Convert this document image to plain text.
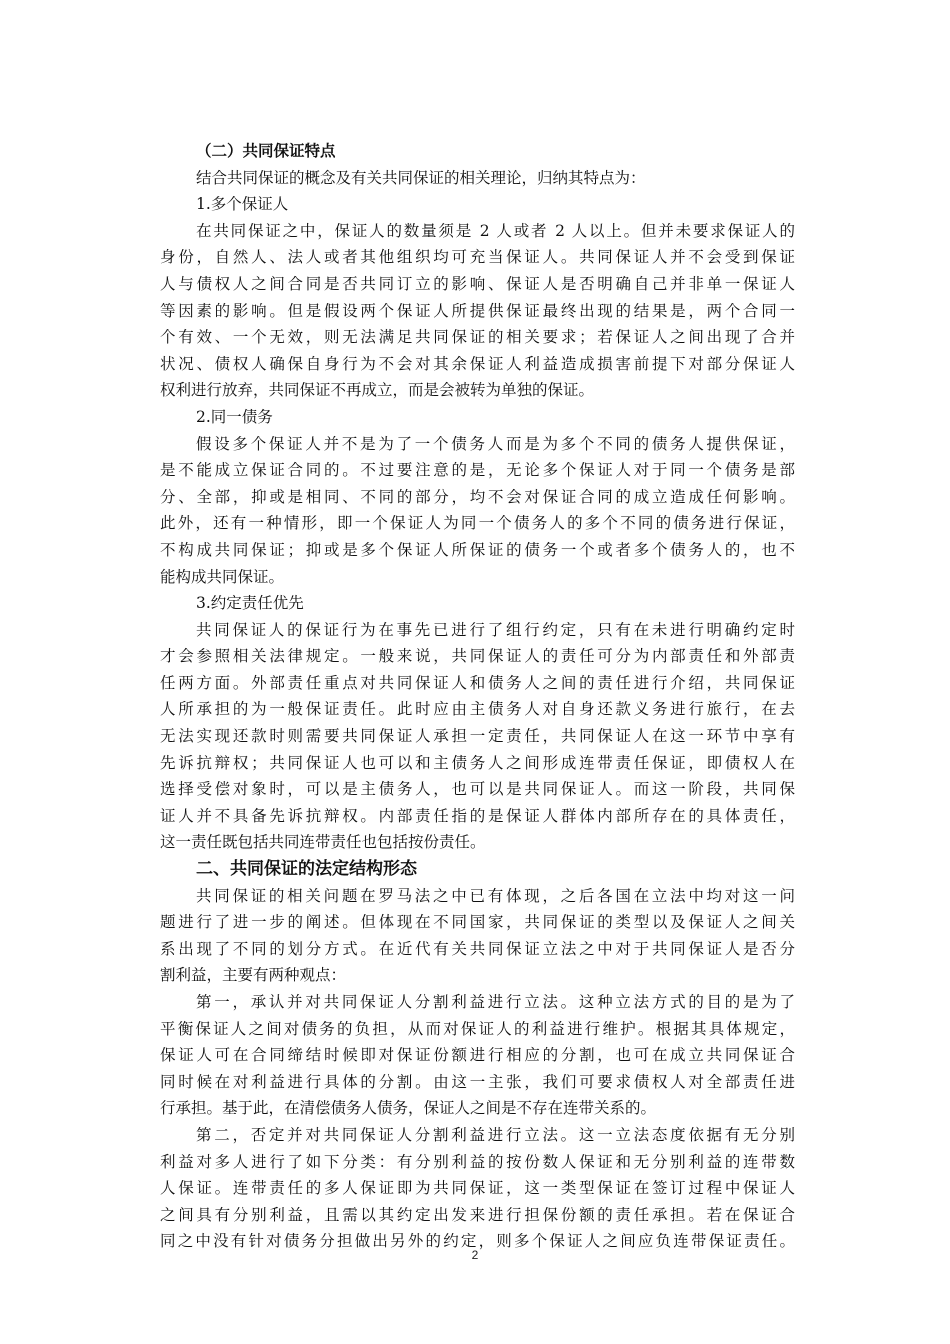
（二）共同保证特点
结合共同保证的概念及有关共同保证的相关理论，归纳其特点为：
1.多个保证人
在共同保证之中，保证人的数量须是 2 人或者 2 人以上。但并未要求保证人的
身份，自然人、法人或者其他组织均可充当保证人。共同保证人并不会受到保证
人与债权人之间合同是否共同订立的影响、保证人是否明确自己并非单一保证人
等因素的影响。但是假设两个保证人所提供保证最终出现的结果是，两个合同一
个有效、一个无效，则无法满足共同保证的相关要求；若保证人之间出现了合并
状况、债权人确保自身行为不会对其余保证人利益造成损害前提下对部分保证人
权利进行放弃，共同保证不再成立，而是会被转为单独的保证。
2.同一债务
假设多个保证人并不是为了一个债务人而是为多个不同的债务人提供保证，
是不能成立保证合同的。不过要注意的是，无论多个保证人对于同一个债务是部
分、全部，抑或是相同、不同的部分，均不会对保证合同的成立造成任何影响。
此外，还有一种情形，即一个保证人为同一个债务人的多个不同的债务进行保证，
不构成共同保证；抑或是多个保证人所保证的债务一个或者多个债务人的，也不
能构成共同保证。
3.约定责任优先
共同保证人的保证行为在事先已进行了组行约定，只有在未进行明确约定时
才会参照相关法律规定。一般来说，共同保证人的责任可分为内部责任和外部责
任两方面。外部责任重点对共同保证人和债务人之间的责任进行介绍，共同保证
人所承担的为一般保证责任。此时应由主债务人对自身还款义务进行旅行，在去
无法实现还款时则需要共同保证人承担一定责任，共同保证人在这一环节中享有
先诉抗辩权；共同保证人也可以和主债务人之间形成连带责任保证，即债权人在
选择受偿对象时，可以是主债务人，也可以是共同保证人。而这一阶段，共同保
证人并不具备先诉抗辩权。内部责任指的是保证人群体内部所存在的具体责任，
这一责任既包括共同连带责任也包括按份责任。
二、共同保证的法定结构形态
共同保证的相关问题在罗马法之中已有体现，之后各国在立法中均对这一问
题进行了进一步的阐述。但体现在不同国家，共同保证的类型以及保证人之间关
系出现了不同的划分方式。在近代有关共同保证立法之中对于共同保证人是否分
割利益，主要有两种观点：
第一，承认并对共同保证人分割利益进行立法。这种立法方式的目的是为了
平衡保证人之间对债务的负担，从而对保证人的利益进行维护。根据其具体规定，
保证人可在合同缔结时候即对保证份额进行相应的分割，也可在成立共同保证合
同时候在对利益进行具体的分割。由这一主张，我们可要求债权人对全部责任进
行承担。基于此，在清偿债务人债务，保证人之间是不存在连带关系的。
第二，否定并对共同保证人分割利益进行立法。这一立法态度依据有无分别
利益对多人进行了如下分类：有分别利益的按份数人保证和无分别利益的连带数
人保证。连带责任的多人保证即为共同保证，这一类型保证在签订过程中保证人
之间具有分别利益，且需以其约定出发来进行担保份额的责任承担。若在保证合
同之中没有针对债务分担做出另外的约定，则多个保证人之间应负连带保证责任。
2
